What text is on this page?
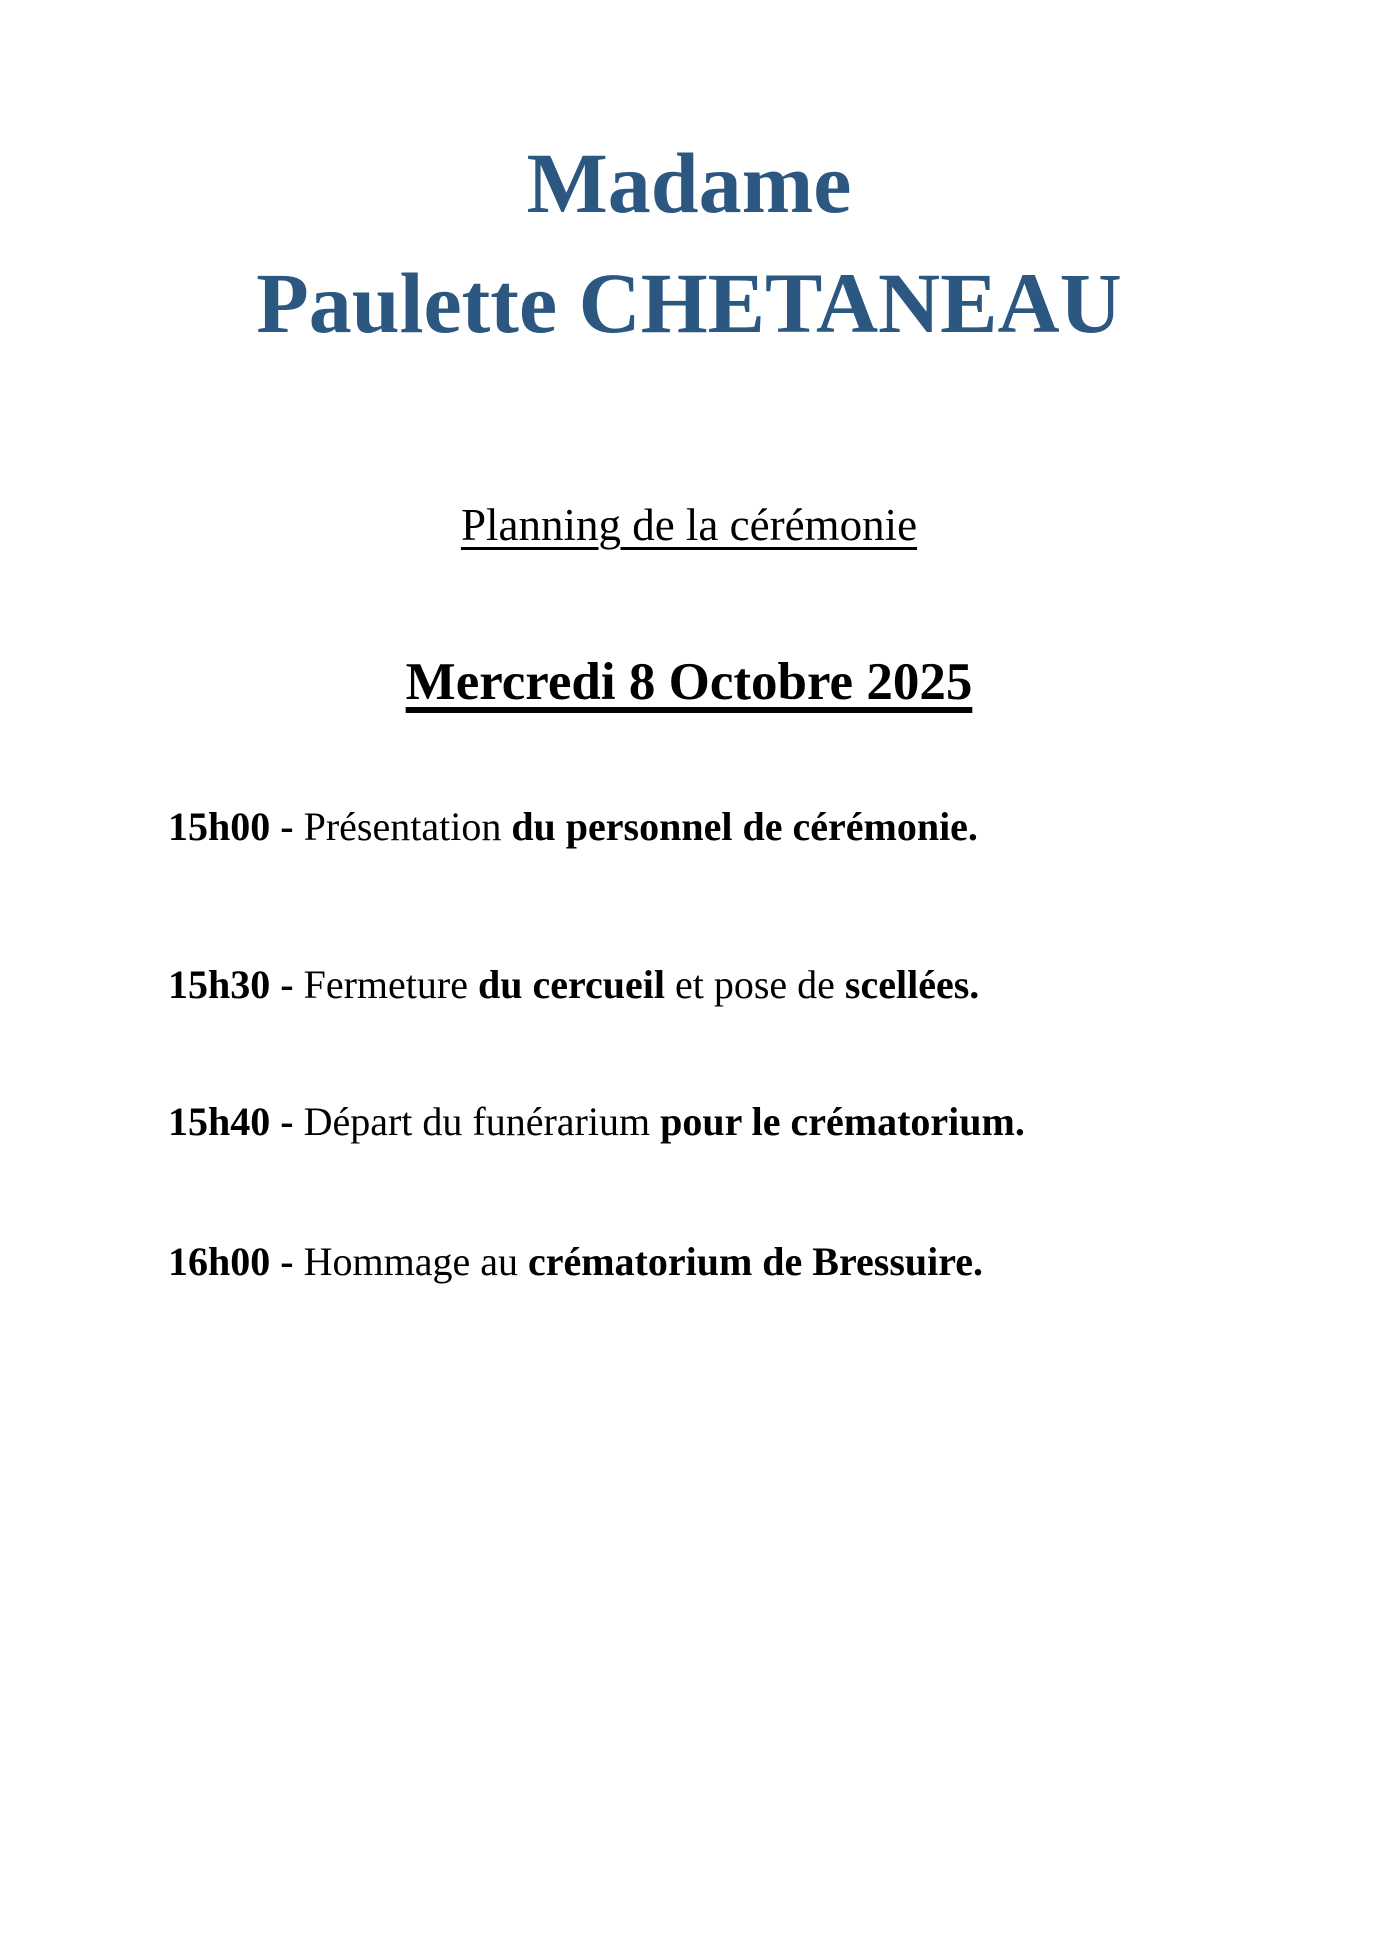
Madame
Paulette CHETANEAU
Planning de la cérémonie
Mercredi 8 Octobre 2025

15h00 - Présentation du personnel de cérémonie.

15h30 - Fermeture du cercueil et pose de scellées.

15h40 - Départ du funérarium pour le crématorium.

16h00 - Hommage au crématorium de Bressuire.
